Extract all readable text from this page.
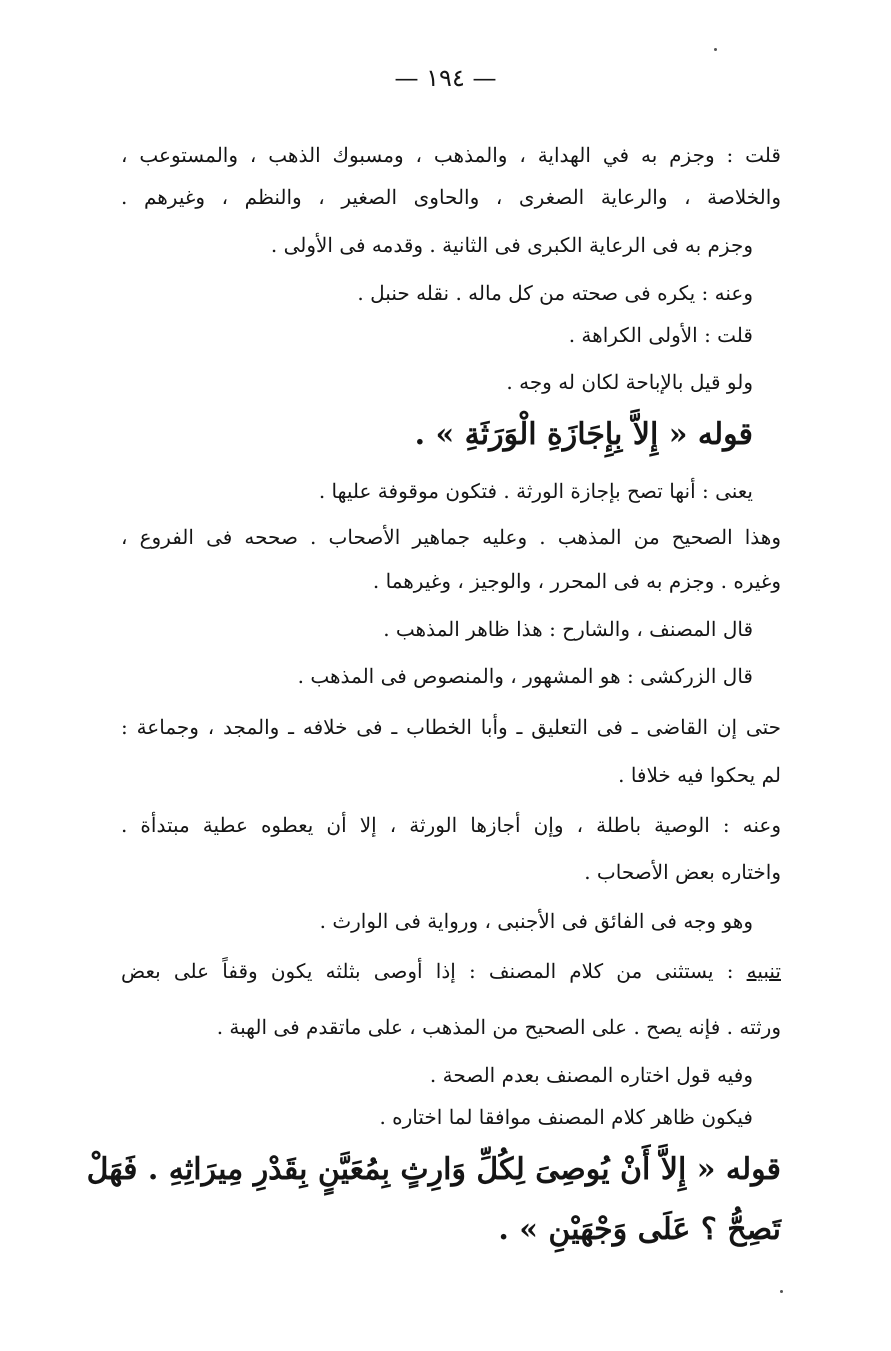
— ١٩٤ —
قلت : وجزم به في الهداية ، والمذهب ، ومسبوك الذهب ، والمستوعب ،
والخلاصة ، والرعاية الصغرى ، والحاوى الصغير ، والنظم ، وغيرهم .
وجزم به فى الرعاية الكبرى فى الثانية . وقدمه فى الأولى .
وعنه : يكره فى صحته من كل ماله . نقله حنبل .
قلت : الأولى الكراهة .
ولو قيل بالإباحة لكان له وجه .
قوله « إِلاَّ بِإِجَازَةِ الْوَرَثَةِ » .
يعنى : أنها تصح بإجازة الورثة . فتكون موقوفة عليها .
وهذا الصحيح من المذهب . وعليه جماهير الأصحاب . صححه فى الفروع ،
وغيره . وجزم به فى المحرر ، والوجيز ، وغيرهما .
قال المصنف ، والشارح : هذا ظاهر المذهب .
قال الزركشى : هو المشهور ، والمنصوص فى المذهب .
حتى إن القاضى ـ فى التعليق ـ وأبا الخطاب ـ فى خلافه ـ والمجد ، وجماعة :
لم يحكوا فيه خلافا .
وعنه : الوصية باطلة ، وإن أجازها الورثة ، إلا أن يعطوه عطية مبتدأة .
واختاره بعض الأصحاب .
وهو وجه فى الفائق فى الأجنبى ، ورواية فى الوارث .
تنبيه : يستثنى من كلام المصنف : إذا أوصى بثلثه يكون وقفاً على بعض
ورثته . فإنه يصح . على الصحيح من المذهب ، على ماتقدم فى الهبة .
وفيه قول اختاره المصنف بعدم الصحة .
فيكون ظاهر كلام المصنف موافقا لما اختاره .
قوله « إِلاَّ أَنْ يُوصِىَ لِكُلِّ وَارِثٍ بِمُعَيَّنٍ بِقَدْرِ مِيرَاثِهِ . فَهَلْ
تَصِحُّ ؟ عَلَى وَجْهَيْنِ » .
